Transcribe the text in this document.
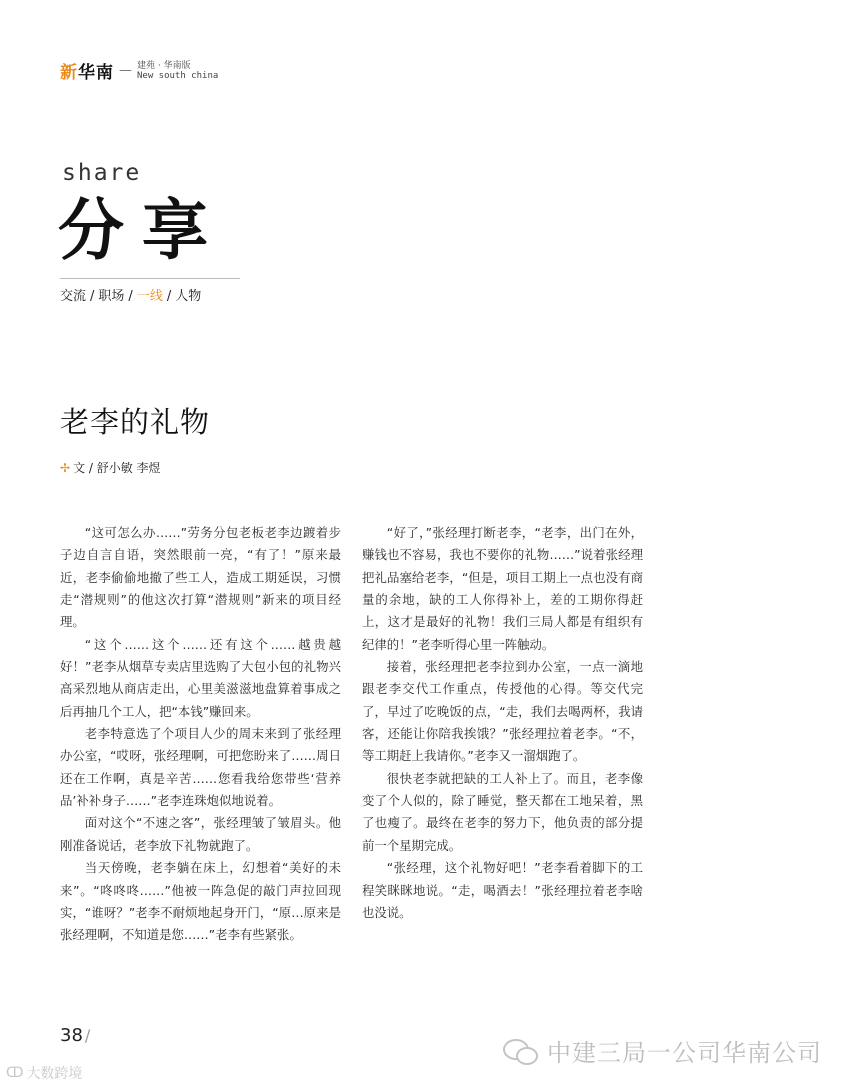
新华南 — 建苑 · 华南版
New south china
share
分享
交流 / 职场 / 一线 / 人物
老李的礼物
✢ 文 / 舒小敏 李煜

“这可怎么办……”劳务分包老板老李边踱着步子边自言自语，突然眼前一亮，“有了！”原来最近，老李偷偷地撤了些工人，造成工期延误，习惯走“潜规则”的他这次打算“潜规则”新来的项目经理。

“这个……这个……还有这个……越贵越好！”老李从烟草专卖店里选购了大包小包的礼物兴高采烈地从商店走出，心里美滋滋地盘算着事成之后再抽几个工人，把“本钱”赚回来。

老李特意选了个项目人少的周末来到了张经理办公室，“哎呀，张经理啊，可把您盼来了……周日还在工作啊，真是辛苦……您看我给您带些‘营养品’补补身子……”老李连珠炮似地说着。

面对这个“不速之客”，张经理皱了皱眉头。他刚准备说话，老李放下礼物就跑了。

当天傍晚，老李躺在床上，幻想着“美好的未来”。“咚咚咚……”他被一阵急促的敲门声拉回现实，“谁呀？”老李不耐烦地起身开门，“原…原来是张经理啊，不知道是您……”老李有些紧张。

“好了，”张经理打断老李，“老李，出门在外，赚钱也不容易，我也不要你的礼物……”说着张经理把礼品塞给老李，“但是，项目工期上一点也没有商量的余地，缺的工人你得补上，差的工期你得赶上，这才是最好的礼物！我们三局人都是有组织有纪律的！”老李听得心里一阵触动。

接着，张经理把老李拉到办公室，一点一滴地跟老李交代工作重点，传授他的心得。等交代完了，早过了吃晚饭的点，“走，我们去喝两杯，我请客，还能让你陪我挨饿？”张经理拉着老李。“不，等工期赶上我请你。”老李又一溜烟跑了。

很快老李就把缺的工人补上了。而且，老李像变了个人似的，除了睡觉，整天都在工地呆着，黑了也瘦了。最终在老李的努力下，他负责的部分提前一个星期完成。

“张经理，这个礼物好吧！”老李看着脚下的工程笑眯眯地说。“走，喝酒去！”张经理拉着老李啥也没说。

38 /
ↀ 大数跨境
中建三局一公司华南公司
